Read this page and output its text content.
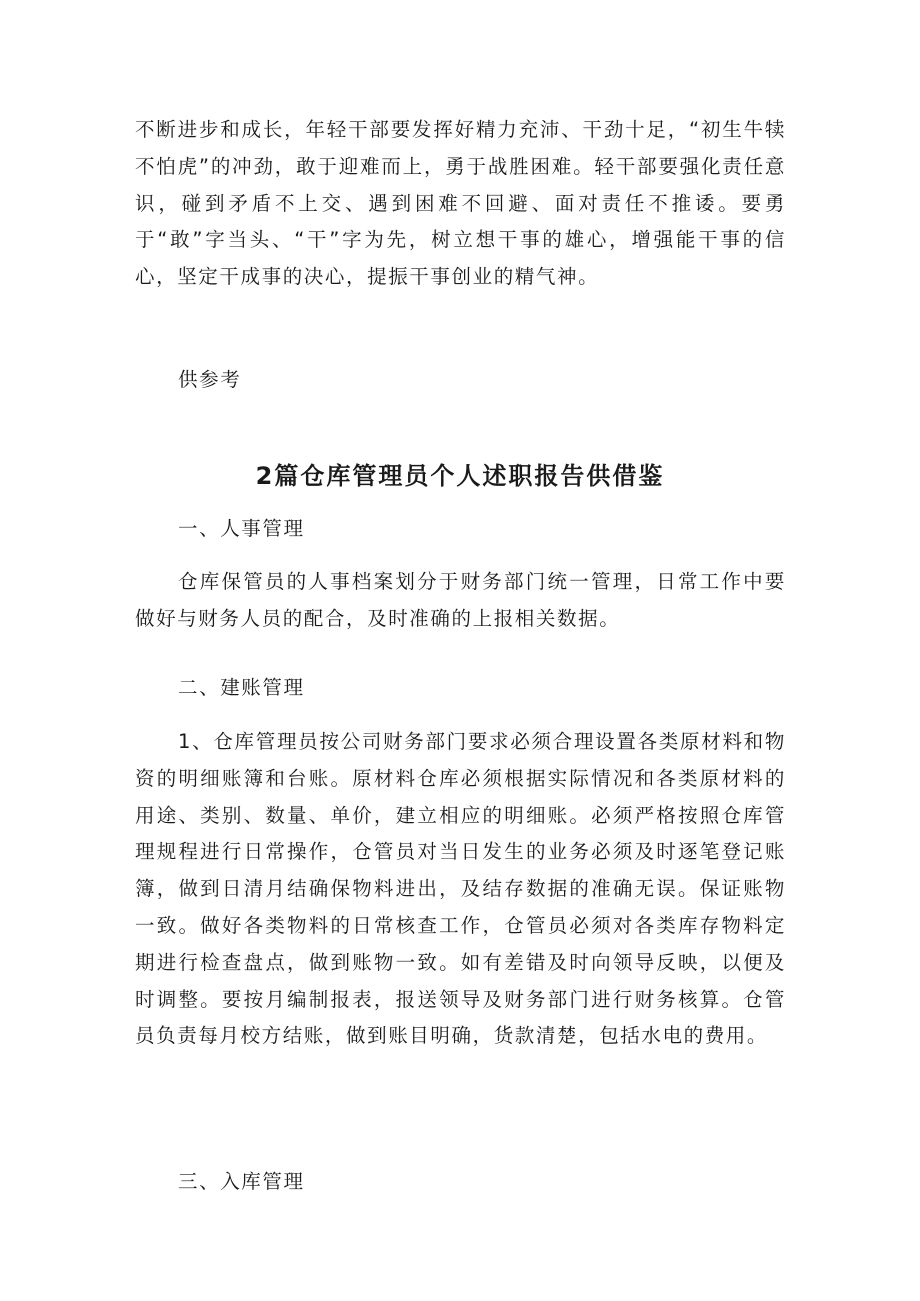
不断进步和成长，年轻干部要发挥好精力充沛、干劲十足，“初生牛犊不怕虎”的冲劲，敢于迎难而上，勇于战胜困难。轻干部要强化责任意识，碰到矛盾不上交、遇到困难不回避、面对责任不推诿。要勇于“敢”字当头、“干”字为先，树立想干事的雄心，增强能干事的信心，坚定干成事的决心，提振干事创业的精气神。

供参考

2篇仓库管理员个人述职报告供借鉴

一、人事管理

仓库保管员的人事档案划分于财务部门统一管理，日常工作中要做好与财务人员的配合，及时准确的上报相关数据。

二、建账管理

1、仓库管理员按公司财务部门要求必须合理设置各类原材料和物资的明细账簿和台账。原材料仓库必须根据实际情况和各类原材料的用途、类别、数量、单价，建立相应的明细账。必须严格按照仓库管理规程进行日常操作，仓管员对当日发生的业务必须及时逐笔登记账簿，做到日清月结确保物料进出，及结存数据的准确无误。保证账物一致。做好各类物料的日常核查工作，仓管员必须对各类库存物料定期进行检查盘点，做到账物一致。如有差错及时向领导反映，以便及时调整。要按月编制报表，报送领导及财务部门进行财务核算。仓管员负责每月校方结账，做到账目明确，货款清楚，包括水电的费用。

三、入库管理
